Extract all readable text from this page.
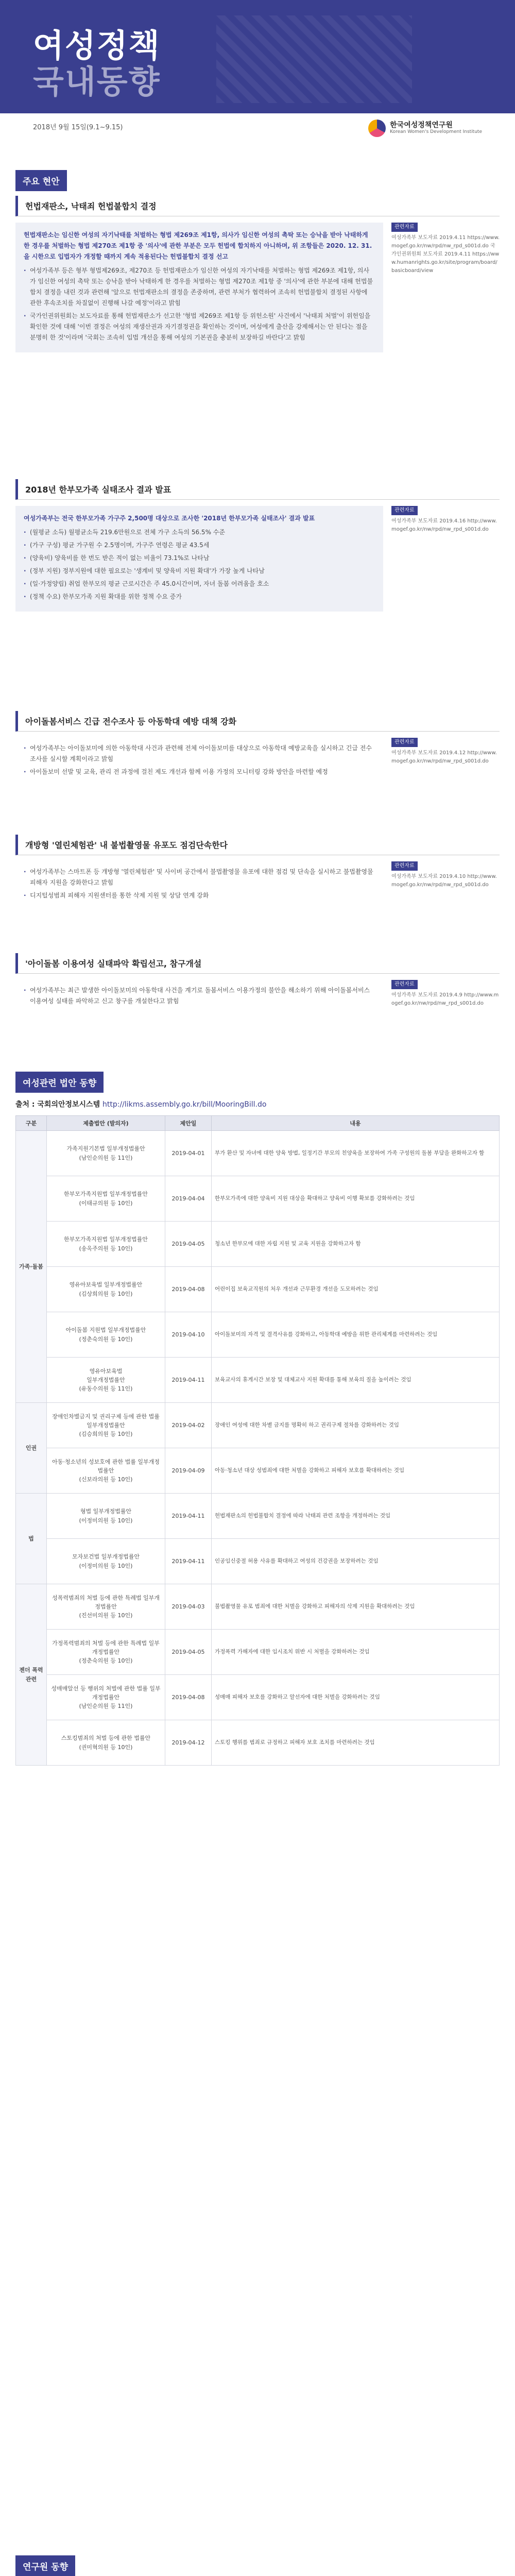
여성정책
국내동향
2018년 9월 15일(9.1~9.15)	한국여성정책연구원
Korean Women's Development Institute
주요 현안
헌법재판소, 낙태죄 헌법불합치 결정
헌법재판소는 임신한 여성의 자기낙태를 처벌하는 형법 제269조 제1항, 의사가 임신한 여성의 촉탁 또는 승낙을 받아 낙태하게 한 경우를 처벌하는 형법 제270조 제1항 중 '의사'에 관한 부분은 모두 헌법에 합치하지 아니하며, 위 조항들은 2020. 12. 31.을 시한으로 입법자가 개정할 때까지 계속 적용된다는 헌법불합치 결정 선고
· 여성가족부 등은 형부 형법제269조, 제270조 등 헌법재판소가 임신한 여성의 자기낙태를 처벌하는 형법 제269조 제1항, 의사가 임신한 여성의 촉탁 또는 승낙을 받아 낙태하게 한 경우를 처벌하는 형법 제270조 제1항 중 '의사'에 관한 부분에 대해 헌법불합치 결정을 내린 것과 관련해 '앞으로 헌법재판소의 결정을 존중하며, 관련 부처가 협력하여 조속히 헌법불합치 결정된 사항에 관한 후속조치를 차질없이 진행해 나갈 예정'이라고 밝힘
· 국가인권위원회는 보도자료를 통해 헌법재판소가 선고한 '형법 제269조 제1항 등 위헌소원' 사건에서 '낙태죄 처벌'이 위헌임을 확인한 것에 대해 '이번 결정은 여성의 재생산권과 자기결정권을 확인하는 것이며, 여성에게 출산을 강제해서는 안 된다는 점을 분명히 한 것'이라며 '국회는 조속히 입법 개선을 통해 여성의 기본권을 충분히 보장하길 바란다'고 밝힘
관련자료
여성가족부 보도자료 2019.4.11 https://www.mogef.go.kr/nw/rpd/nw_rpd_s001d.do 국가인권위원회 보도자료 2019.4.11 https://www.humanrights.go.kr/site/program/board/basicboard/view
2018년 한부모가족 실태조사 결과 발표
여성가족부는 전국 한부모가족 가구주 2,500명 대상으로 조사한 '2018년 한부모가족 실태조사' 결과 발표
· (월평균 소득) 월평균소득 219.6만원으로 전체 가구 소득의 56.5% 수준
· (가구 구성) 평균 가구원 수 2.5명이며, 가구주 연령은 평균 43.5세
· (양육비) 양육비를 한 번도 받은 적이 없는 비율이 73.1%로 나타남
· (정부 지원) 정부지원에 대한 필요로는 '생계비 및 양육비 지원 확대'가 가장 높게 나타남
· (일·가정양립) 취업 한부모의 평균 근로시간은 주 45.0시간이며, 자녀 돌봄 어려움을 호소
· (정책 수요) 한부모가족 지원 확대를 위한 정책 수요 증가
관련자료
여성가족부 보도자료 2019.4.16 http://www.mogef.go.kr/nw/rpd/nw_rpd_s001d.do
아이돌봄서비스 긴급 전수조사 등 아동학대 예방 대책 강화
· 여성가족부는 아이돌보미에 의한 아동학대 사건과 관련해 전체 아이돌보미를 대상으로 아동학대 예방교육을 실시하고 긴급 전수조사를 실시할 계획이라고 밝힘
· 아이돌보미 선발 및 교육, 관리 전 과정에 걸친 제도 개선과 함께 이용 가정의 모니터링 강화 방안을 마련할 예정
관련자료
여성가족부 보도자료 2019.4.12 http://www.mogef.go.kr/nw/rpd/nw_rpd_s001d.do
개방형 '열린체험관' 내 불법촬영물 유포도 점검단속한다
· 여성가족부는 스마트폰 등 개방형 '열린체험관' 및 사이버 공간에서 불법촬영물 유포에 대한 점검 및 단속을 실시하고 불법촬영물 피해자 지원을 강화한다고 밝힘
· 디지털성범죄 피해자 지원센터를 통한 삭제 지원 및 상담 연계 강화
관련자료
여성가족부 보도자료 2019.4.10 http://www.mogef.go.kr/nw/rpd/nw_rpd_s001d.do
'아이돌봄 이용여성 실태파악 확립선고, 참구개설
· 여성가족부는 최근 발생한 아이돌보미의 아동학대 사건을 계기로 돌봄서비스 이용가정의 불안을 해소하기 위해 아이돌봄서비스 이용여성 실태를 파악하고 신고 창구를 개설한다고 밝힘
관련자료
여성가족부 보도자료 2019.4.9 http://www.mogef.go.kr/nw/rpd/nw_rpd_s001d.do
여성관련 법안 동향
출처 : 국회의안정보시스템 http://likms.assembly.go.kr/bill/MooringBill.do
구분	제출법안 (발의자)	제안일	내용
가족·돌봄	가족지원기본법 일부개정법률안
(남인순의원 등 11인)	2019-04-01	부가 환산 및 자녀에 대한 양육 방법, 일정기간 부모의 친양육을 보장하여 가족 구성원의 돌봄 부담을 완화하고자 함
	한부모가족지원법 일부개정법률안
(이태규의원 등 10인)	2019-04-04	한부모가족에 대한 양육비 지원 대상을 확대하고 양육비 이행 확보를 강화하려는 것임
	한부모가족지원법 일부개정법률안
(송옥주의원 등 10인)	2019-04-05	청소년 한부모에 대한 자립 지원 및 교육 지원을 강화하고자 함
	영유아보육법 일부개정법률안
(김상희의원 등 10인)	2019-04-08	어린이집 보육교직원의 처우 개선과 근무환경 개선을 도모하려는 것임
	아이돌봄 지원법 일부개정법률안
(정춘숙의원 등 10인)	2019-04-10	아이돌보미의 자격 및 결격사유를 강화하고, 아동학대 예방을 위한 관리체계를 마련하려는 것임
	영유아보육법
일부개정법률안
(유동수의원 등 11인)	2019-04-11	보육교사의 휴게시간 보장 및 대체교사 지원 확대를 통해 보육의 질을 높이려는 것임
인권	장애인차별금지 및 권리구제 등에 관한 법률 일부개정법률안
(김승희의원 등 10인)	2019-04-02	장애인 여성에 대한 차별 금지를 명확히 하고 권리구제 절차를 강화하려는 것임
	아동·청소년의 성보호에 관한 법률 일부개정법률안
(신보라의원 등 10인)	2019-04-09	아동·청소년 대상 성범죄에 대한 처벌을 강화하고 피해자 보호를 확대하려는 것임
법	형법 일부개정법률안
(이정미의원 등 10인)	2019-04-11	헌법재판소의 헌법불합치 결정에 따라 낙태죄 관련 조항을 개정하려는 것임
	모자보건법 일부개정법률안
(이정미의원 등 10인)	2019-04-11	인공임신중절 허용 사유를 확대하고 여성의 건강권을 보장하려는 것임
젠더 폭력 관련	성폭력범죄의 처벌 등에 관한 특례법 일부개정법률안
(진선미의원 등 10인)	2019-04-03	불법촬영물 유포 범죄에 대한 처벌을 강화하고 피해자의 삭제 지원을 확대하려는 것임
	가정폭력범죄의 처벌 등에 관한 특례법 일부개정법률안
(정춘숙의원 등 10인)	2019-04-05	가정폭력 가해자에 대한 임시조치 위반 시 처벌을 강화하려는 것임
	성매매알선 등 행위의 처벌에 관한 법률 일부개정법률안
(남인순의원 등 11인)	2019-04-08	성매매 피해자 보호를 강화하고 알선자에 대한 처벌을 강화하려는 것임
	스토킹범죄의 처벌 등에 관한 법률안
(권미혁의원 등 10인)	2019-04-12	스토킹 행위를 범죄로 규정하고 피해자 보호 조치를 마련하려는 것임
연구원 동향
